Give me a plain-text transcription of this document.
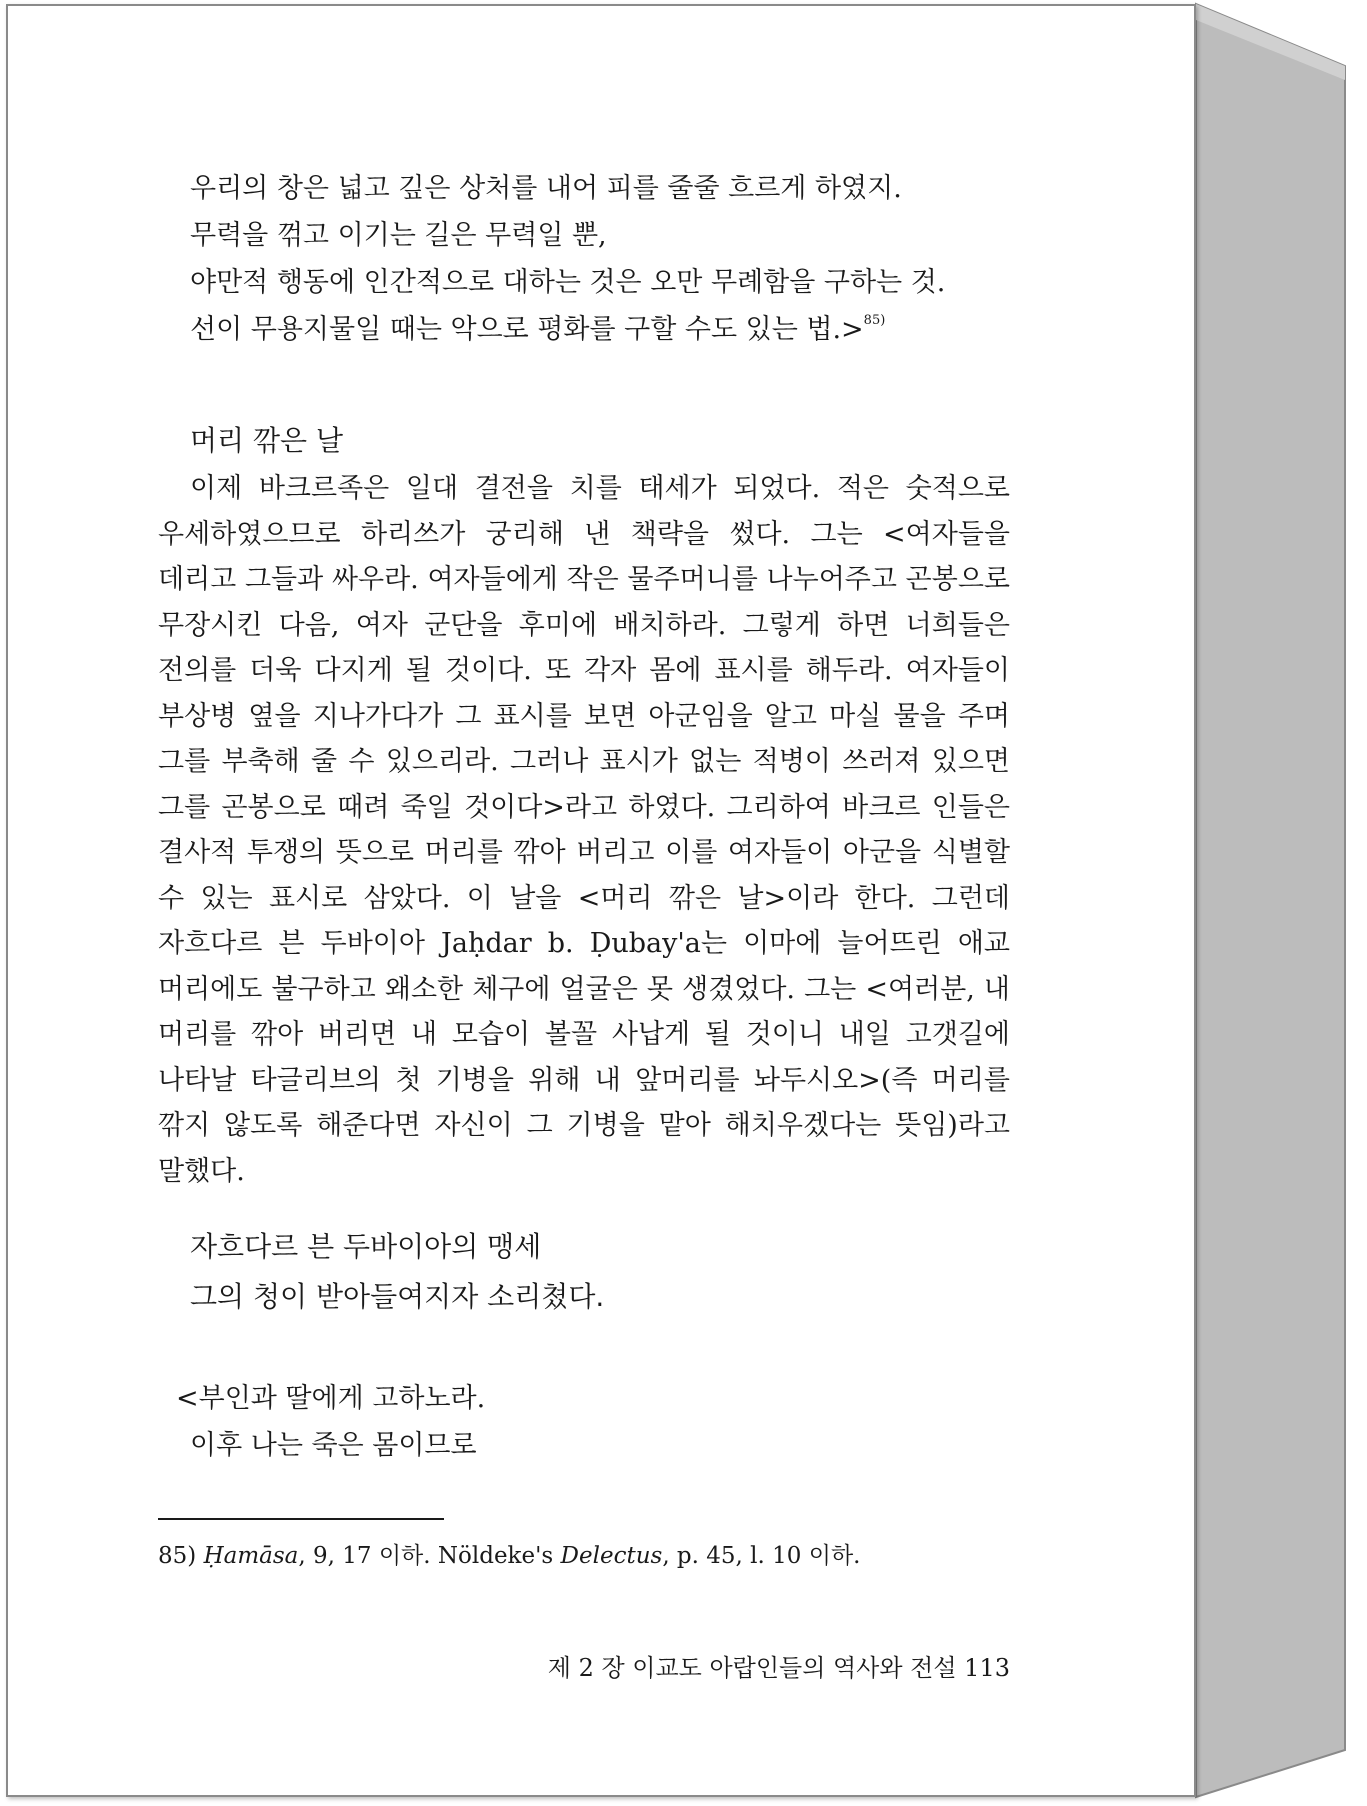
우리의 창은 넓고 깊은 상처를 내어 피를 줄줄 흐르게 하였지.
무력을 꺾고 이기는 길은 무력일 뿐,
야만적 행동에 인간적으로 대하는 것은 오만 무례함을 구하는 것.
선이 무용지물일 때는 악으로 평화를 구할 수도 있는 법.>$^{85)}$
머리 깎은 날
이제 바크르족은 일대 결전을 치를 태세가 되었다. 적은 숫적으로 우세하였으므로 하리쓰가 궁리해 낸 책략을 썼다. 그는 <여자들을 데리고 그들과 싸우라. 여자들에게 작은 물주머니를 나누어주고 곤봉으로 무장시킨 다음, 여자 군단을 후미에 배치하라. 그렇게 하면 너희들은 전의를 더욱 다지게 될 것이다. 또 각자 몸에 표시를 해두라. 여자들이 부상병 옆을 지나가다가 그 표시를 보면 아군임을 알고 마실 물을 주며 그를 부축해 줄 수 있으리라. 그러나 표시가 없는 적병이 쓰러져 있으면 그를 곤봉으로 때려 죽일 것이다>라고 하였다. 그리하여 바크르 인들은 결사적 투쟁의 뜻으로 머리를 깎아 버리고 이를 여자들이 아군을 식별할 수 있는 표시로 삼았다. 이 날을 <머리 깎은 날>이라 한다. 그런데 자흐다르 븐 두바이아 Jaḥdar b. Ḍubay'a는 이마에 늘어뜨린 애교 머리에도 불구하고 왜소한 체구에 얼굴은 못 생겼었다. 그는 <여러분, 내 머리를 깎아 버리면 내 모습이 볼꼴 사납게 될 것이니 내일 고갯길에 나타날 타글리브의 첫 기병을 위해 내 앞머리를 놔두시오>(즉 머리를 깎지 않도록 해준다면 자신이 그 기병을 맡아 해치우겠다는 뜻임)라고 말했다.
자흐다르 븐 두바이아의 맹세
그의 청이 받아들여지자 소리쳤다.
<부인과 딸에게 고하노라.
이후 나는 죽은 몸이므로
85) Ḥamāsa, 9, 17 이하. Nöldeke's Delectus, p. 45, l. 10 이하.
제 2 장 이교도 아랍인들의 역사와 전설 113
